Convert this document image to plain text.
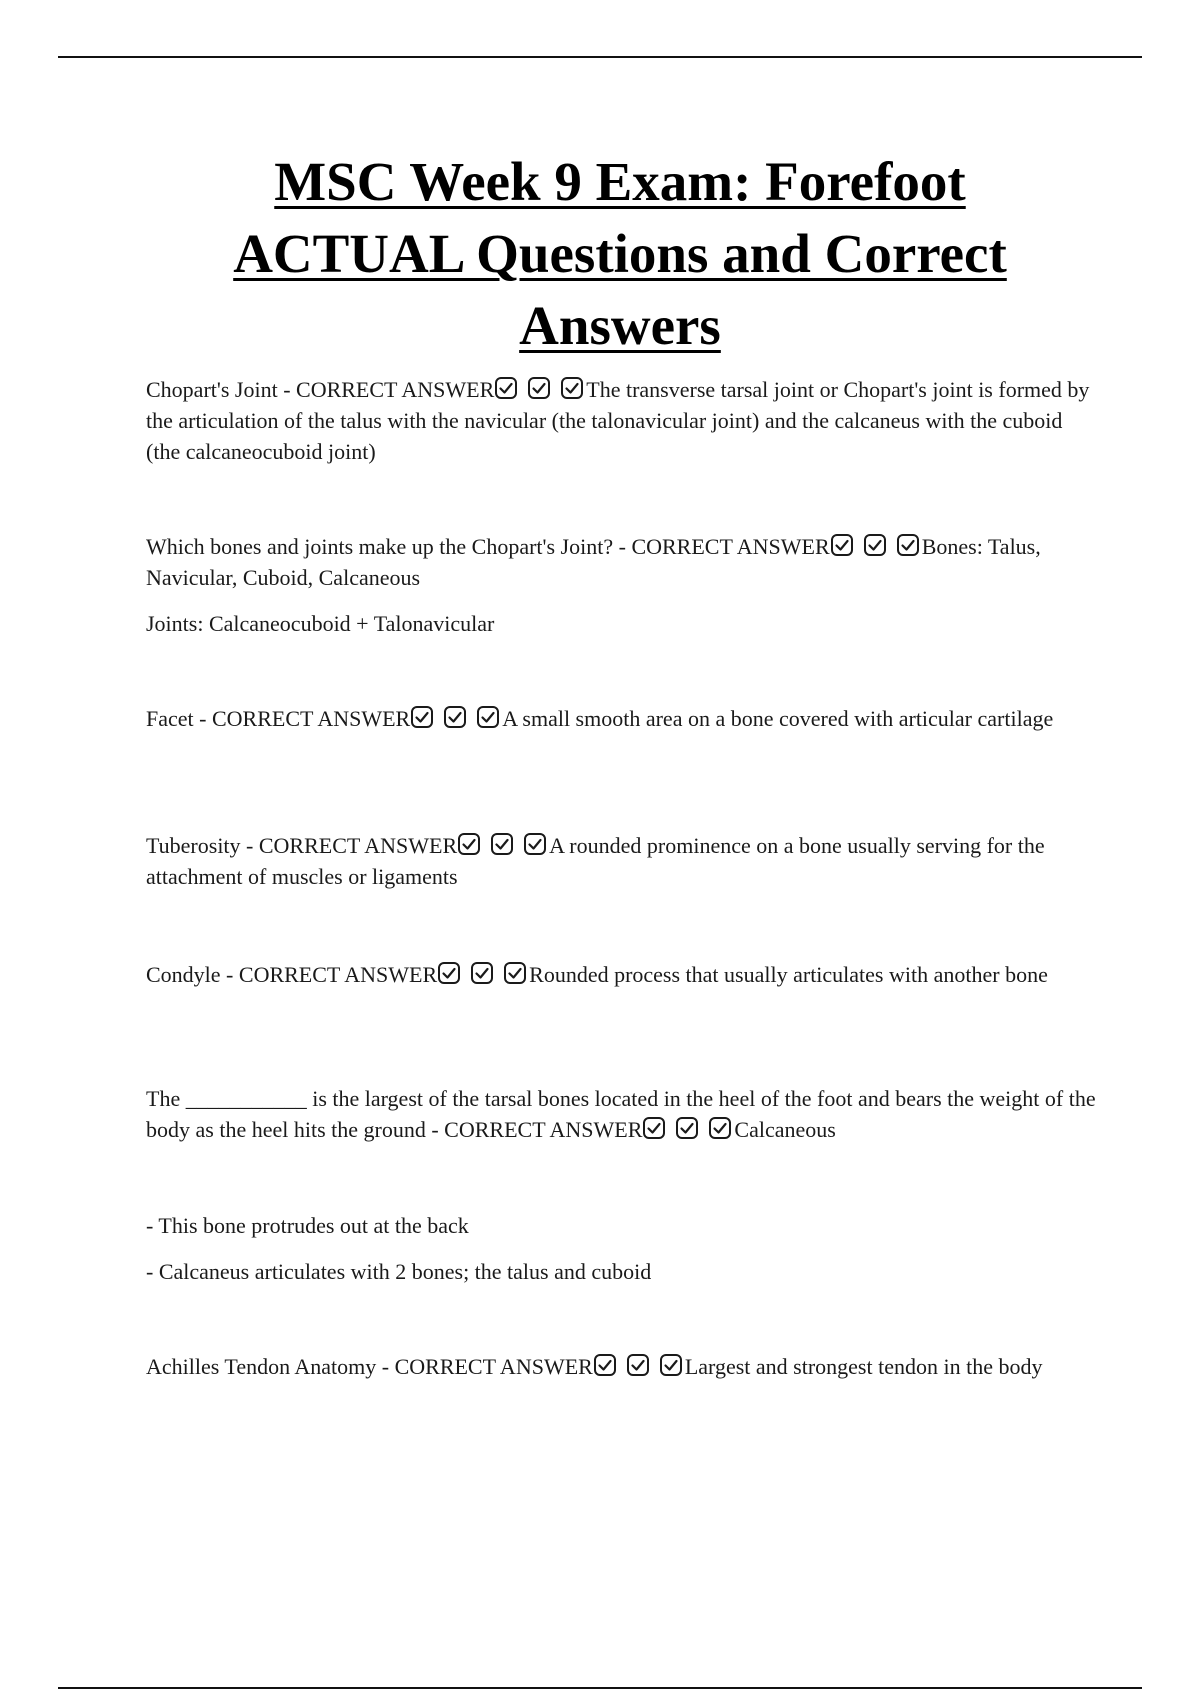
MSC Week 9 Exam: Forefoot
ACTUAL Questions and Correct
Answers

Chopart's Joint - CORRECT ANSWER	The transverse tarsal joint or Chopart's joint is formed by the articulation of the talus with the navicular (the talonavicular joint) and the calcaneus with the cuboid (the calcaneocuboid joint)

Which bones and joints make up the Chopart's Joint? - CORRECT ANSWER	Bones: Talus, Navicular, Cuboid, Calcaneous

Joints: Calcaneocuboid + Talonavicular

Facet - CORRECT ANSWER	A small smooth area on a bone covered with articular cartilage

Tuberosity - CORRECT ANSWER	A rounded prominence on a bone usually serving for the attachment of muscles or ligaments

Condyle - CORRECT ANSWER	Rounded process that usually articulates with another bone

The ___________ is the largest of the tarsal bones located in the heel of the foot and bears the weight of the body as the heel hits the ground - CORRECT ANSWER	Calcaneous

- This bone protrudes out at the back

- Calcaneus articulates with 2 bones; the talus and cuboid

Achilles Tendon Anatomy - CORRECT ANSWER	Largest and strongest tendon in the body
